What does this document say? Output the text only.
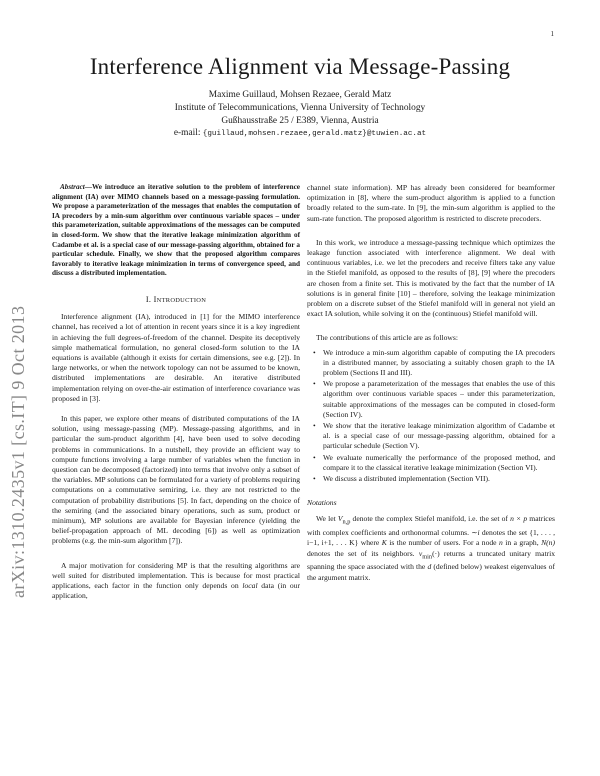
1
arXiv:1310.2435v1 [cs.IT] 9 Oct 2013
Interference Alignment via Message-Passing
Maxime Guillaud, Mohsen Rezaee, Gerald Matz
Institute of Telecommunications, Vienna University of Technology
Gußhausstraße 25 / E389, Vienna, Austria
e-mail: {guillaud,mohsen.rezaee,gerald.matz}@tuwien.ac.at

Abstract—We introduce an iterative solution to the problem of interference alignment (IA) over MIMO channels based on a message-passing formulation. We propose a parameterization of the messages that enables the computation of IA precoders by a min-sum algorithm over continuous variable spaces – under this parameterization, suitable approximations of the messages can be computed in closed-form. We show that the iterative leakage minimization algorithm of Cadambe et al. is a special case of our message-passing algorithm, obtained for a particular schedule. Finally, we show that the proposed algorithm compares favorably to iterative leakage minimization in terms of convergence speed, and discuss a distributed implementation.

I. INTRODUCTION

Interference alignment (IA), introduced in [1] for the MIMO interference channel, has received a lot of attention in recent years since it is a key ingredient in achieving the full degrees-of-freedom of the channel. Despite its deceptively simple mathematical formulation, no general closed-form solution to the IA equations is available (although it exists for certain dimensions, see e.g. [2]). In large networks, or when the network topology can not be assumed to be known, distributed implementations are desirable. An iterative distributed implementation relying on over-the-air estimation of interference covariance was proposed in [3].

In this paper, we explore other means of distributed computations of the IA solution, using message-passing (MP). Message-passing algorithms, and in particular the sum-product algorithm [4], have been used to solve decoding problems in communications. In a nutshell, they provide an efficient way to compute functions involving a large number of variables when the function in question can be decomposed (factorized) into terms that involve only a subset of the variables. MP solutions can be formulated for a variety of problems requiring computations on a commutative semiring, i.e. they are not restricted to the computation of probability distributions [5]. In fact, depending on the choice of the semiring (and the associated binary operations, such as sum, product or minimum), MP solutions are available for Bayesian inference (yielding the belief-propagation approach of ML decoding [6]) as well as optimization problems (e.g. the min-sum algorithm [7]).

A major motivation for considering MP is that the resulting algorithms are well suited for distributed implementation. This is because for most practical applications, each factor in the function only depends on local data (in our application,

channel state information). MP has already been considered for beamformer optimization in [8], where the sum-product algorithm is applied to a function broadly related to the sum-rate. In [9], the min-sum algorithm is applied to the sum-rate function. The proposed algorithm is restricted to discrete precoders.

In this work, we introduce a message-passing technique which optimizes the leakage function associated with interference alignment. We deal with continuous variables, i.e. we let the precoders and receive filters take any value in the Stiefel manifold, as opposed to the results of [8], [9] where the precoders are chosen from a finite set. This is motivated by the fact that the number of IA solutions is in general finite [10] – therefore, solving the leakage minimization problem on a discrete subset of the Stiefel manifold will in general not yield an exact IA solution, while solving it on the (continuous) Stiefel manifold will.

The contributions of this article are as follows:

• We introduce a min-sum algorithm capable of computing the IA precoders in a distributed manner, by associating a suitably chosen graph to the IA problem (Sections II and III).
• We propose a parameterization of the messages that enables the use of this algorithm over continuous variable spaces – under this parameterization, suitable approximations of the messages can be computed in closed-form (Section IV).
• We show that the iterative leakage minimization algorithm of Cadambe et al. is a special case of our message-passing algorithm, obtained for a particular schedule (Section V).
• We evaluate numerically the performance of the proposed method, and compare it to the classical iterative leakage minimization (Section VI).
• We discuss a distributed implementation (Section VII).
Notations

We let $V_{n,p}$ denote the complex Stiefel manifold, i.e. the set of n × p matrices with complex coefficients and orthonormal columns. ∼i denotes the set {1, . . . , i−1, i+1, . . . K} where K is the number of users. For a node n in a graph, N(n) denotes the set of its neighbors. $\nu_{min}(\cdot)$ returns a truncated unitary matrix spanning the space associated with the d (defined below) weakest eigenvalues of the argument matrix.
